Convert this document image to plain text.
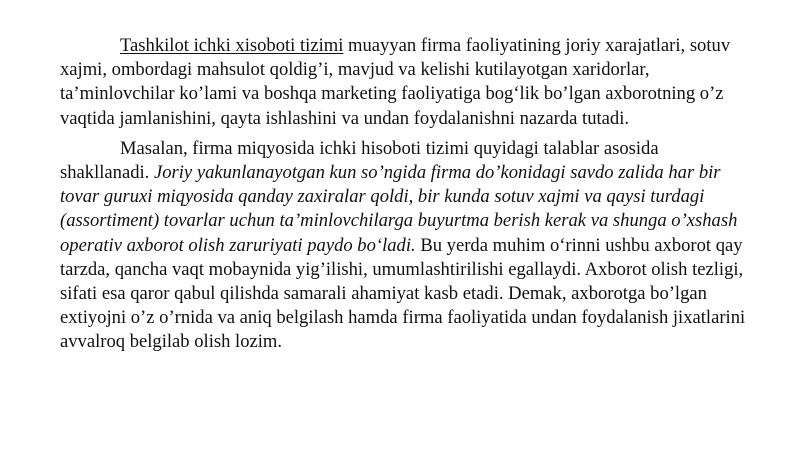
Tashkilot ichki xisoboti tizimi muayyan firma faoliyatining joriy xarajatlari, sotuv xajmi, ombordagi mahsulot qoldig’i, mavjud va kelishi kutilayotgan xaridorlar, ta’minlovchilar ko’lami va boshqa marketing faoliyatiga bog‘lik bo’lgan axborotning o’z vaqtida jamlanishini, qayta ishlashini va undan foydalanishni nazarda tutadi.

Masalan, firma miqyosida ichki hisoboti tizimi quyidagi talablar asosida shakllanadi. Joriy yakunlanayotgan kun so’ngida firma do’konidagi savdo zalida har bir tovar guruxi miqyosida qanday zaxiralar qoldi, bir kunda sotuv xajmi va qaysi turdagi (assortiment) tovarlar uchun ta’minlovchilarga buyurtma berish kerak va shunga o’xshash operativ axborot olish zaruriyati paydo bo‘ladi. Bu yerda muhim o‘rinni ushbu axborot qay tarzda, qancha vaqt mobaynida yig’ilishi, umumlashtirilishi egallaydi. Axborot olish tezligi, sifati esa qaror qabul qilishda samarali ahamiyat kasb etadi. Demak, axborotga bo’lgan extiyojni o’z o’rnida va aniq belgilash hamda firma faoliyatida undan foydalanish jixatlarini avvalroq belgilab olish lozim.
